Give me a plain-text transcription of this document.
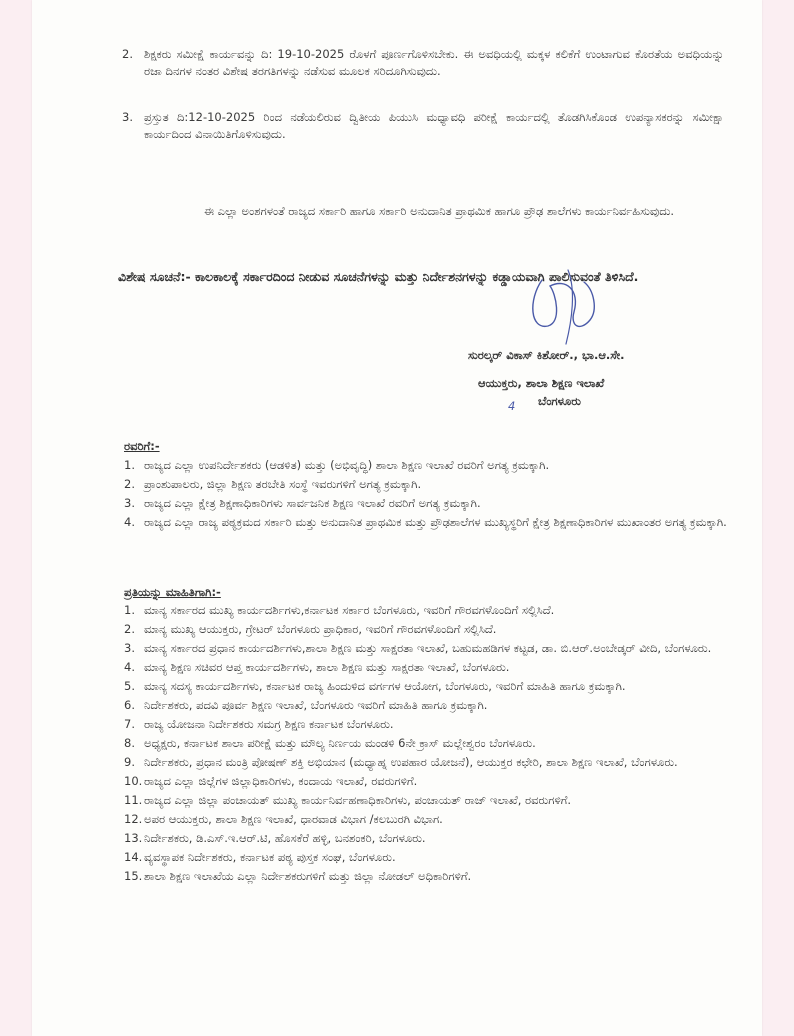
2. ಶಿಕ್ಷಕರು ಸಮೀಕ್ಷೆ ಕಾರ್ಯವನ್ನು ದಿ: 19-10-2025 ರೊಳಗೆ ಪೂರ್ಣಗೊಳಿಸಬೇಕು. ಈ ಅವಧಿಯಲ್ಲಿ ಮಕ್ಕಳ ಕಲಿಕೆಗೆ ಉಂಟಾಗುವ ಕೊರತೆಯ ಅವಧಿಯನ್ನು ರಜಾ ದಿನಗಳ ನಂತರ ವಿಶೇಷ ತರಗತಿಗಳನ್ನು ನಡೆಸುವ ಮೂಲಕ ಸರಿದೂಗಿಸುವುದು.
3. ಪ್ರಸ್ತುತ ದಿ:12-10-2025 ರಿಂದ ನಡೆಯಲಿರುವ ದ್ವಿತೀಯ ಪಿಯುಸಿ ಮಧ್ಯಾವಧಿ ಪರೀಕ್ಷೆ ಕಾರ್ಯದಲ್ಲಿ ತೊಡಗಿಸಿಕೊಂಡ ಉಪನ್ಯಾಸಕರನ್ನು ಸಮೀಕ್ಷಾ ಕಾರ್ಯದಿಂದ ವಿನಾಯಿತಿಗೊಳಿಸುವುದು.
ಈ ಎಲ್ಲಾ ಅಂಶಗಳಂತೆ ರಾಜ್ಯದ ಸರ್ಕಾರಿ ಹಾಗೂ ಸರ್ಕಾರಿ ಅನುದಾನಿತ ಪ್ರಾಥಮಿಕ ಹಾಗೂ ಪ್ರೌಢ ಶಾಲೆಗಳು ಕಾರ್ಯನಿರ್ವಹಿಸುವುದು.
ವಿಶೇಷ ಸೂಚನೆ:- ಕಾಲಕಾಲಕ್ಕೆ ಸರ್ಕಾರದಿಂದ ನೀಡುವ ಸೂಚನೆಗಳನ್ನು ಮತ್ತು ನಿರ್ದೇಶನಗಳನ್ನು ಕಡ್ಡಾಯವಾಗಿ ಪಾಲಿಸುವಂತೆ ತಿಳಿಸಿದೆ.
ಸುರಲ್ಕರ್ ವಿಕಾಸ್ ಕಿಶೋರ್., ಭಾ.ಆ.ಸೇ.
ಆಯುಕ್ತರು, ಶಾಲಾ ಶಿಕ್ಷಣ ಇಲಾಖೆ
4 ಬೆಂಗಳೂರು
ರವರಿಗೆ:-
1. ರಾಜ್ಯದ ಎಲ್ಲಾ ಉಪನಿರ್ದೇಶಕರು (ಆಡಳಿತ) ಮತ್ತು (ಅಭಿವೃದ್ಧಿ) ಶಾಲಾ ಶಿಕ್ಷಣ ಇಲಾಖೆ ರವರಿಗೆ ಅಗತ್ಯ ಕ್ರಮಕ್ಕಾಗಿ.
2. ಪ್ರಾಂಶುಪಾಲರು, ಜಿಲ್ಲಾ ಶಿಕ್ಷಣ ತರಬೇತಿ ಸಂಸ್ಥೆ ಇವರುಗಳಿಗೆ ಅಗತ್ಯ ಕ್ರಮಕ್ಕಾಗಿ.
3. ರಾಜ್ಯದ ಎಲ್ಲಾ ಕ್ಷೇತ್ರ ಶಿಕ್ಷಣಾಧಿಕಾರಿಗಳು ಸಾರ್ವಜನಿಕ ಶಿಕ್ಷಣ ಇಲಾಖೆ ರವರಿಗೆ ಅಗತ್ಯ ಕ್ರಮಕ್ಕಾಗಿ.
4. ರಾಜ್ಯದ ಎಲ್ಲಾ ರಾಜ್ಯ ಪಠ್ಯಕ್ರಮದ ಸರ್ಕಾರಿ ಮತ್ತು ಅನುದಾನಿತ ಪ್ರಾಥಮಿಕ ಮತ್ತು ಪ್ರೌಢಶಾಲೆಗಳ ಮುಖ್ಯಸ್ಥರಿಗೆ ಕ್ಷೇತ್ರ ಶಿಕ್ಷಣಾಧಿಕಾರಿಗಳ ಮುಖಾಂತರ ಅಗತ್ಯ ಕ್ರಮಕ್ಕಾಗಿ.
ಪ್ರತಿಯನ್ನು ಮಾಹಿತಿಗಾಗಿ:-
1. ಮಾನ್ಯ ಸರ್ಕಾರದ ಮುಖ್ಯ ಕಾರ್ಯದರ್ಶಿಗಳು,ಕರ್ನಾಟಕ ಸರ್ಕಾರ ಬೆಂಗಳೂರು, ಇವರಿಗೆ ಗೌರವಗಳೊಂದಿಗೆ ಸಲ್ಲಿಸಿದೆ.
2. ಮಾನ್ಯ ಮುಖ್ಯ ಆಯುಕ್ತರು, ಗ್ರೇಟರ್ ಬೆಂಗಳೂರು ಪ್ರಾಧಿಕಾರ, ಇವರಿಗೆ ಗೌರವಗಳೊಂದಿಗೆ ಸಲ್ಲಿಸಿದೆ.
3. ಮಾನ್ಯ ಸರ್ಕಾರದ ಪ್ರಧಾನ ಕಾರ್ಯದರ್ಶಿಗಳು,ಶಾಲಾ ಶಿಕ್ಷಣ ಮತ್ತು ಸಾಕ್ಷರತಾ ಇಲಾಖೆ, ಬಹುಮಹಡಿಗಳ ಕಟ್ಟಡ, ಡಾ. ಬಿ.ಆರ್.ಅಂಬೇಡ್ಕರ್ ವೀದಿ, ಬೆಂಗಳೂರು.
4. ಮಾನ್ಯ ಶಿಕ್ಷಣ ಸಚಿವರ ಆಪ್ತ ಕಾರ್ಯದರ್ಶಿಗಳು, ಶಾಲಾ ಶಿಕ್ಷಣ ಮತ್ತು ಸಾಕ್ಷರತಾ ಇಲಾಖೆ, ಬೆಂಗಳೂರು.
5. ಮಾನ್ಯ ಸದಸ್ಯ ಕಾರ್ಯದರ್ಶಿಗಳು, ಕರ್ನಾಟಕ ರಾಜ್ಯ ಹಿಂದುಳಿದ ವರ್ಗಗಳ ಆಯೋಗ, ಬೆಂಗಳೂರು, ಇವರಿಗೆ ಮಾಹಿತಿ ಹಾಗೂ ಕ್ರಮಕ್ಕಾಗಿ.
6. ನಿರ್ದೇಶಕರು, ಪದವಿ ಪೂರ್ವ ಶಿಕ್ಷಣ ಇಲಾಖೆ, ಬೆಂಗಳೂರು ಇವರಿಗೆ ಮಾಹಿತಿ ಹಾಗೂ ಕ್ರಮಕ್ಕಾಗಿ.
7. ರಾಜ್ಯ ಯೋಜನಾ ನಿರ್ದೇಶಕರು ಸಮಗ್ರ ಶಿಕ್ಷಣ ಕರ್ನಾಟಕ ಬೆಂಗಳೂರು.
8. ಅಧ್ಯಕ್ಷರು, ಕರ್ನಾಟಕ ಶಾಲಾ ಪರೀಕ್ಷೆ ಮತ್ತು ಮೌಲ್ಯ ನಿರ್ಣಯ ಮಂಡಳಿ 6ನೇ ಕ್ರಾಸ್ ಮಲ್ಲೇಶ್ವರಂ ಬೆಂಗಳೂರು.
9. ನಿರ್ದೇಶಕರು, ಪ್ರಧಾನ ಮಂತ್ರಿ ಪೋಷಣ್ ಶಕ್ತಿ ಅಭಿಯಾನ (ಮಧ್ಯಾಹ್ನ ಉಪಹಾರ ಯೋಜನೆ), ಆಯುಕ್ತರ ಕಛೇರಿ, ಶಾಲಾ ಶಿಕ್ಷಣ ಇಲಾಖೆ, ಬೆಂಗಳೂರು.
10. ರಾಜ್ಯದ ಎಲ್ಲಾ ಜಿಲ್ಲೆಗಳ ಜಿಲ್ಲಾಧಿಕಾರಿಗಳು, ಕಂದಾಯ ಇಲಾಖೆ, ರವರುಗಳಿಗೆ.
11. ರಾಜ್ಯದ ಎಲ್ಲಾ ಜಿಲ್ಲಾ ಪಂಚಾಯತ್ ಮುಖ್ಯ ಕಾರ್ಯನಿರ್ವಹಣಾಧಿಕಾರಿಗಳು, ಪಂಚಾಯತ್ ರಾಜ್ ಇಲಾಖೆ, ರವರುಗಳಿಗೆ.
12. ಅಪರ ಆಯುಕ್ತರು, ಶಾಲಾ ಶಿಕ್ಷಣ ಇಲಾಖೆ, ಧಾರವಾಡ ವಿಭಾಗ /ಕಲಬುರಗಿ ವಿಭಾಗ.
13. ನಿರ್ದೇಶಕರು, ಡಿ.ಎಸ್.ಇ.ಆರ್.ಟಿ, ಹೊಸಕೆರೆ ಹಳ್ಳಿ, ಬನಶಂಕರಿ, ಬೆಂಗಳೂರು.
14. ವ್ಯವಸ್ಥಾಪಕ ನಿರ್ದೇಶಕರು, ಕರ್ನಾಟಕ ಪಠ್ಯ ಪುಸ್ತಕ ಸಂಘ, ಬೆಂಗಳೂರು.
15. ಶಾಲಾ ಶಿಕ್ಷಣ ಇಲಾಖೆಯ ಎಲ್ಲಾ ನಿರ್ದೇಶಕರುಗಳಿಗೆ ಮತ್ತು ಜಿಲ್ಲಾ ನೋಡಲ್ ಅಧಿಕಾರಿಗಳಿಗೆ.
